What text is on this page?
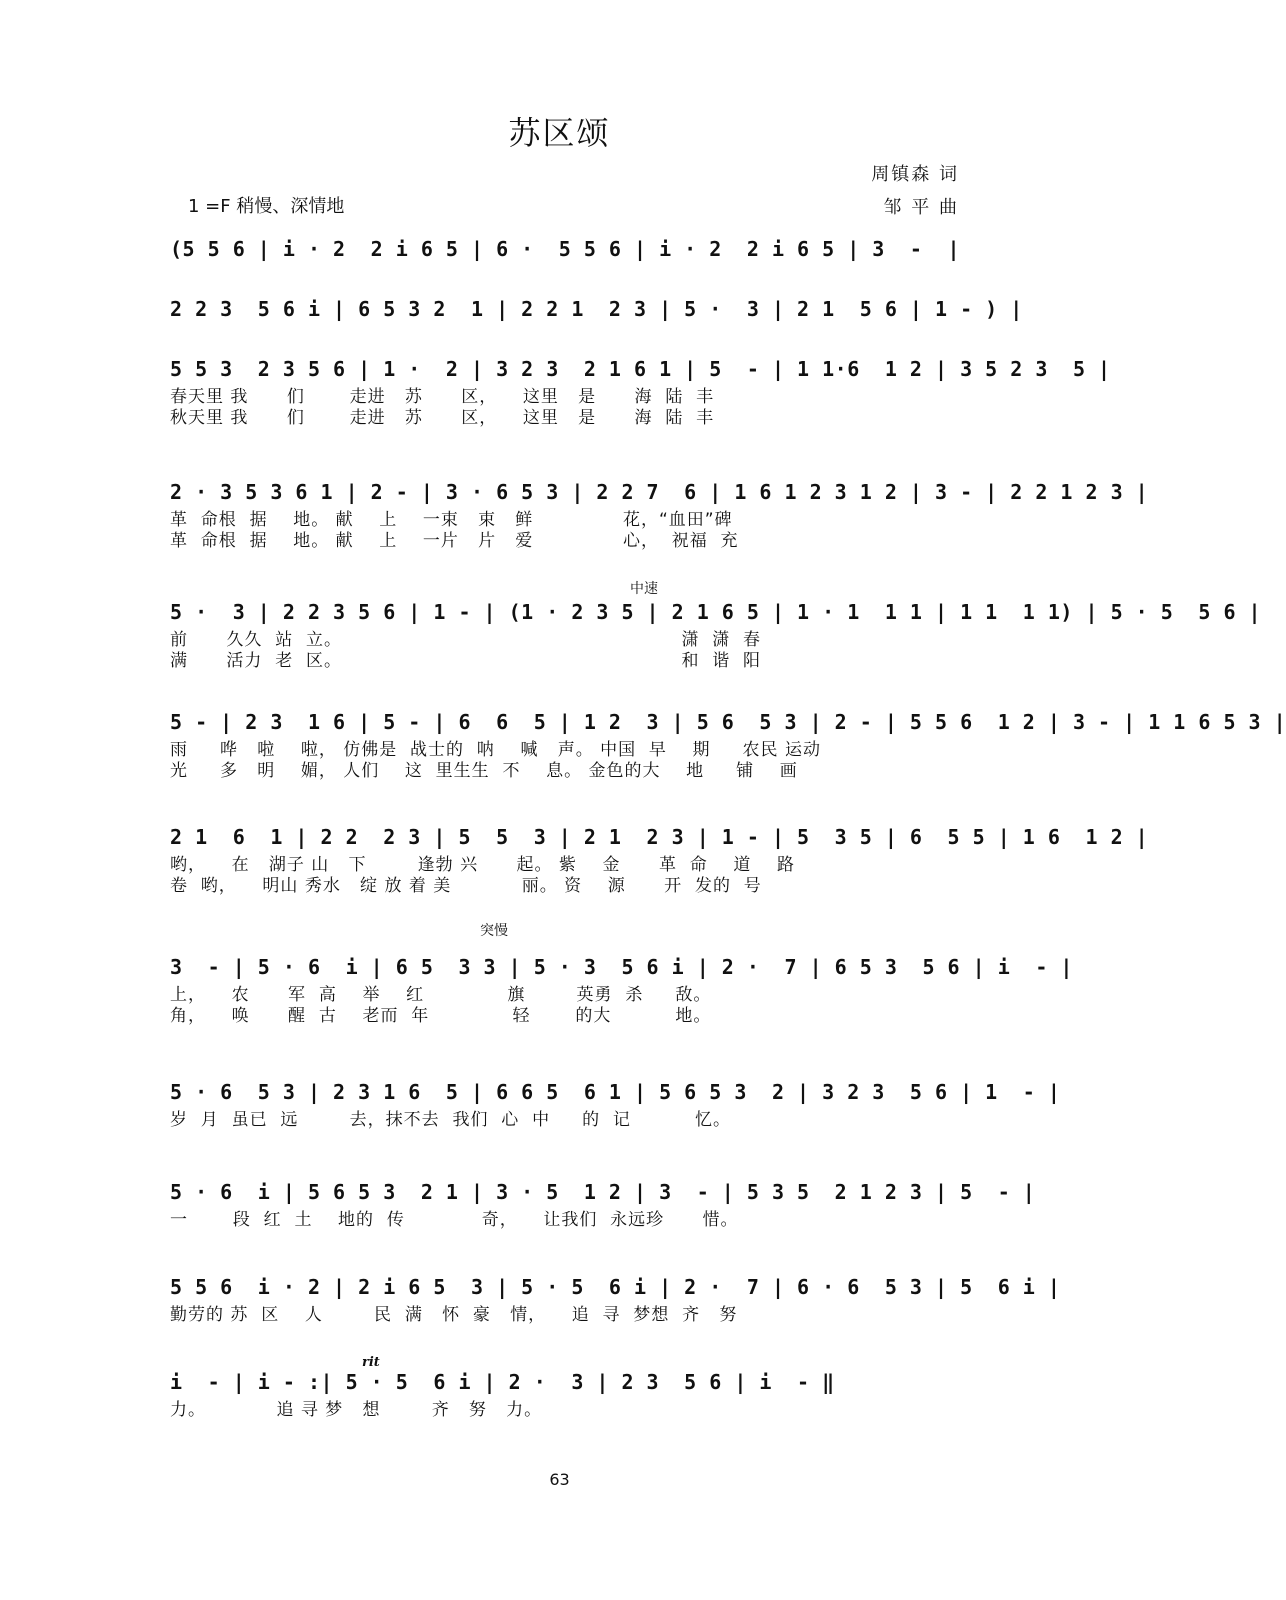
苏区颂
周镇森 词
邹 平 曲
1 =F 稍慢、深情地
(5 5 6 | i · 2  2 i 6 5 | 6 ·  5 5 6 | i · 2  2 i 6 5 | 3  -  |
2 2 3  5 6 i | 6 5 3 2  1 | 2 2 1  2 3 | 5 ·  3 | 2 1  5 6 | 1 - ) |
5 5 3  2 3 5 6 | 1 ·  2 | 3 2 3  2 1 6 1 | 5  - | 1 1·6  1 2 | 3 5 2 3  5 |
春天里 我      们       走进   苏      区，    这里   是      海  陆  丰
秋天里 我      们       走进   苏      区，    这里   是      海  陆  丰
2 · 3 5 3 6 1 | 2 - | 3 · 6 5 3 | 2 2 7  6 | 1 6 1 2 3 1 2 | 3 - | 2 2 1 2 3 |
革  命根  据    地。 献    上    一束   束   鲜              花，“血田”碑
革  命根  据    地。 献    上    一片   片   爱              心，  祝福  充
5 ·  3 | 2 2 3 5 6 | 1 - | (1 · 2 3 5 | 2 1 6 5 | 1 · 1  1 1 | 1 1  1 1) | 5 · 5  5 6 |
前      久久  站  立。                                                     潇  潇  春
满      活力  老  区。                                                     和  谐  阳
5 - | 2 3  1 6 | 5 - | 6  6  5 | 1 2  3 | 5 6  5 3 | 2 - | 5 5 6  1 2 | 3 - | 1 1 6 5 3 |
雨     哗   啦    啦， 仿佛是  战士的  呐    喊   声。 中国  早    期     农民 运动
光     多   明    媚， 人们    这  里生生  不    息。 金色的大    地     铺    画
2 1  6  1 | 2 2  2 3 | 5  5  3 | 2 1  2 3 | 1 - | 5  3 5 | 6  5 5 | 1 6  1 2 |
哟，    在   湖子 山   下        逢勃 兴      起。 紫    金      革  命    道    路
卷  哟，    明山 秀水   绽 放 着 美           丽。 资    源      开  发的  号
3  - | 5 · 6  i | 6 5  3 3 | 5 · 3  5 6 i | 2 ·  7 | 6 5 3  5 6 | i  - |
上，    农      军  高    举    红             旗        英勇  杀     敌。
角，    唤      醒  古    老而  年             轻       的大          地。
5 · 6  5 3 | 2 3 1 6  5 | 6 6 5  6 1 | 5 6 5 3  2 | 3 2 3  5 6 | 1  - |
岁  月  虽已  远        去，抹不去  我们  心  中     的  记          忆。
5 · 6  i | 5 6 5 3  2 1 | 3 · 5  1 2 | 3  - | 5 3 5  2 1 2 3 | 5  - |
一       段  红  土    地的  传            奇，    让我们  永远珍      惜。
5 5 6  i · 2 | 2 i 6 5  3 | 5 · 5  6 i | 2 ·  7 | 6 · 6  5 3 | 5  6 i |
勤劳的 苏  区    人        民  满   怀  豪   情，    追  寻  梦想  齐   努
i  - | i - :| 5 · 5  6 i | 2 ·  3 | 2 3  5 6 | i  - ‖
力。           追 寻 梦   想        齐   努   力。
中速
突慢
rit
63
